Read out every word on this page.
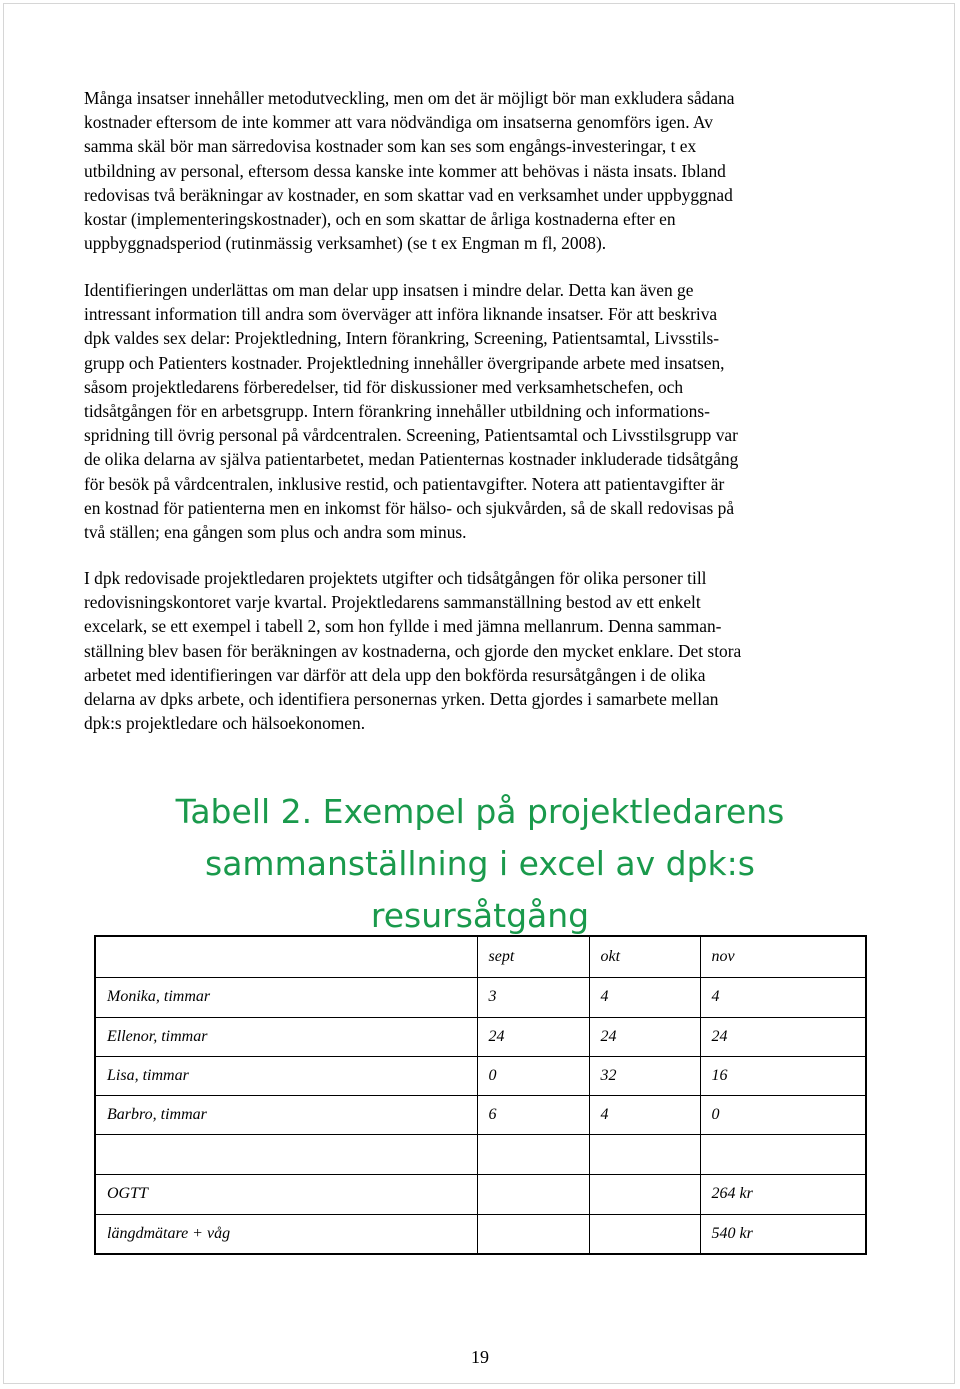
Många insatser innehåller metodutveckling, men om det är möjligt bör man exkludera sådana
kostnader eftersom de inte kommer att vara nödvändiga om insatserna genomförs igen. Av
samma skäl bör man särredovisa kostnader som kan ses som engångs-investeringar, t ex
utbildning av personal, eftersom dessa kanske inte kommer att behövas i nästa insats. Ibland
redovisas två beräkningar av kostnader, en som skattar vad en verksamhet under uppbyggnad
kostar (implementeringskostnader), och en som skattar de årliga kostnaderna efter en
uppbyggnadsperiod (rutinmässig verksamhet) (se t ex Engman m fl, 2008).

Identifieringen underlättas om man delar upp insatsen i mindre delar. Detta kan även ge
intressant information till andra som överväger att införa liknande insatser. För att beskriva
dpk valdes sex delar: Projektledning, Intern förankring, Screening, Patientsamtal, Livsstils-
grupp och Patienters kostnader. Projektledning innehåller övergripande arbete med insatsen,
såsom projektledarens förberedelser, tid för diskussioner med verksamhetschefen, och
tidsåtgången för en arbetsgrupp. Intern förankring innehåller utbildning och informations-
spridning till övrig personal på vårdcentralen. Screening, Patientsamtal och Livsstilsgrupp var
de olika delarna av själva patientarbetet, medan Patienternas kostnader inkluderade tidsåtgång
för besök på vårdcentralen, inklusive restid, och patientavgifter. Notera att patientavgifter är
en kostnad för patienterna men en inkomst för hälso- och sjukvården, så de skall redovisas på
två ställen; ena gången som plus och andra som minus.

I dpk redovisade projektledaren projektets utgifter och tidsåtgången för olika personer till
redovisningskontoret varje kvartal. Projektledarens sammanställning bestod av ett enkelt
excelark, se ett exempel i tabell 2, som hon fyllde i med jämna mellanrum. Denna samman-
ställning blev basen för beräkningen av kostnaderna, och gjorde den mycket enklare. Det stora
arbetet med identifieringen var därför att dela upp den bokförda resursåtgången i de olika
delarna av dpks arbete, och identifiera personernas yrken. Detta gjordes i samarbete mellan
dpk:s projektledare och hälsoekonomen.

Tabell 2. Exempel på projektledarens
sammanställning i excel av dpk:s
resursåtgång
	sept	okt	nov
Monika, timmar	3	4	4
Ellenor, timmar	24	24	24
Lisa, timmar	0	32	16
Barbro, timmar	6	4	0

OGTT			264 kr
längdmätare + våg			540 kr
19
